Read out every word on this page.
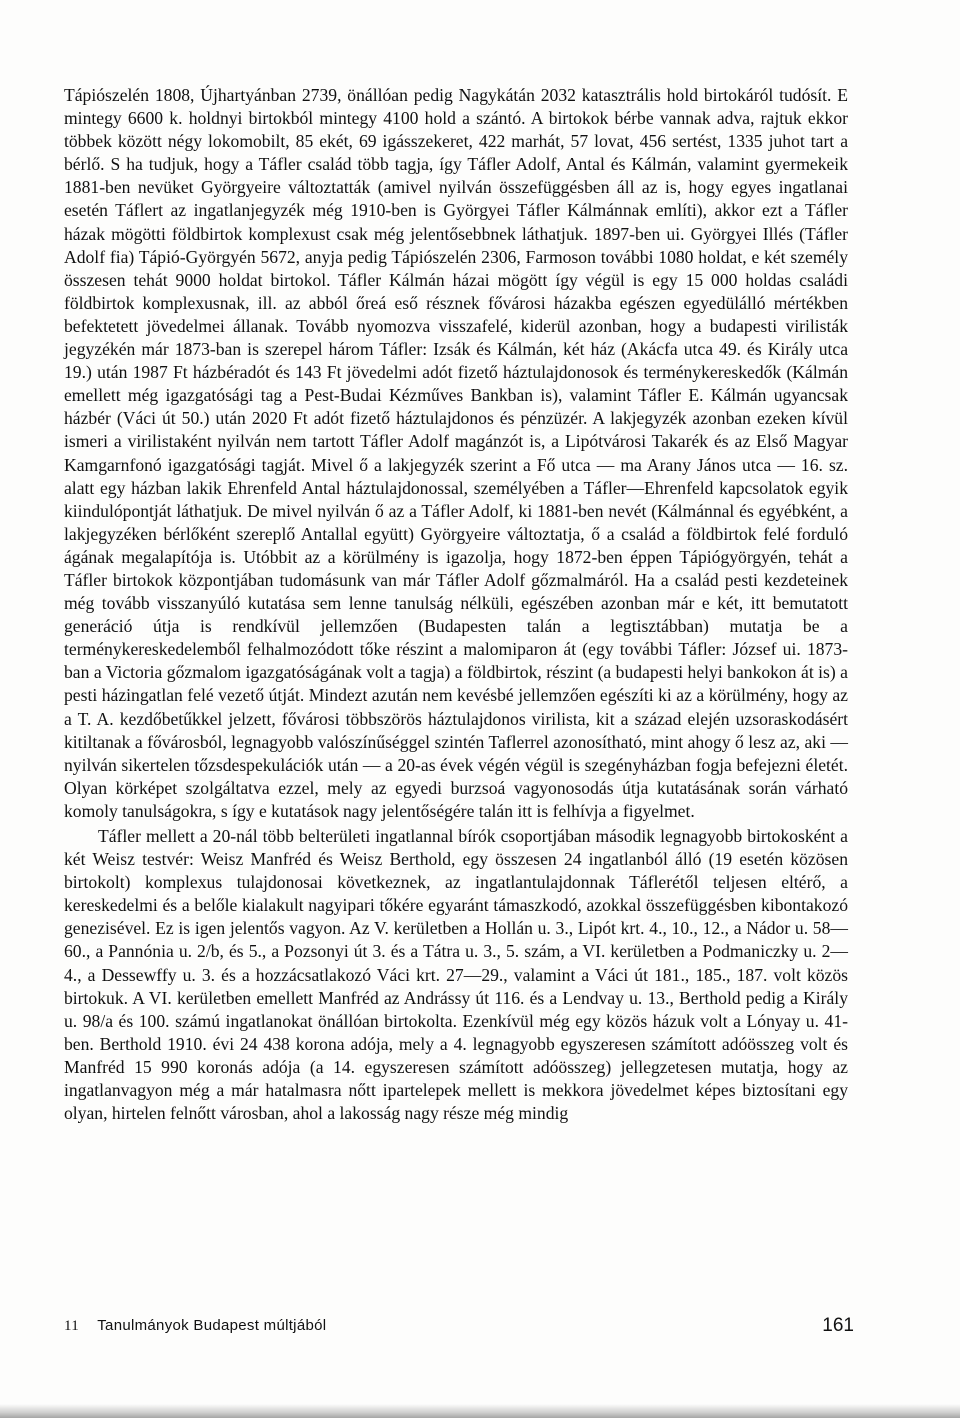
Tápiószelén 1808, Újhartyánban 2739, önállóan pedig Nagykátán 2032 katasztrális hold birtokáról tudósít. E mintegy 6600 k. holdnyi birtokból mintegy 4100 hold a szántó. A birtokok bérbe vannak adva, rajtuk ekkor többek között négy lokomobilt, 85 ekét, 69 igásszekeret, 422 marhát, 57 lovat, 456 sertést, 1335 juhot tart a bérlő. S ha tudjuk, hogy a Táfler család több tagja, így Táfler Adolf, Antal és Kálmán, valamint gyermekeik 1881-ben nevüket Györgyeire változtatták (amivel nyilván összefüggésben áll az is, hogy egyes ingatlanai esetén Táflert az ingatlanjegyzék még 1910-ben is Györgyei Táfler Kálmánnak említi), akkor ezt a Táfler házak mögötti földbirtok komplexust csak még jelentősebbnek láthatjuk. 1897-ben ui. Györgyei Illés (Táfler Adolf fia) Tápió-Györgyén 5672, anyja pedig Tápiószelén 2306, Farmoson további 1080 holdat, e két személy összesen tehát 9000 holdat birtokol. Táfler Kálmán házai mögött így végül is egy 15 000 holdas családi földbirtok komplexusnak, ill. az abból őreá eső résznek fővárosi házakba egészen egyedülálló mértékben befektetett jövedelmei állanak. Tovább nyomozva visszafelé, kiderül azonban, hogy a budapesti virilisták jegyzékén már 1873-ban is szerepel három Táfler: Izsák és Kálmán, két ház (Akácfa utca 49. és Király utca 19.) után 1987 Ft házbéradót és 143 Ft jövedelmi adót fizető háztulajdonosok és terménykereskedők (Kálmán emellett még igazgatósági tag a Pest-Budai Kézműves Bankban is), valamint Táfler E. Kálmán ugyancsak házbér (Váci út 50.) után 2020 Ft adót fizető háztulajdonos és pénzüzér. A lakjegyzék azonban ezeken kívül ismeri a virilistaként nyilván nem tartott Táfler Adolf magánzót is, a Lipótvárosi Takarék és az Első Magyar Kamgarnfonó igazgatósági tagját. Mivel ő a lakjegyzék szerint a Fő utca — ma Arany János utca — 16. sz. alatt egy házban lakik Ehrenfeld Antal háztulajdonossal, személyében a Táfler—Ehrenfeld kapcsolatok egyik kiindulópontját láthatjuk. De mivel nyilván ő az a Táfler Adolf, ki 1881-ben nevét (Kálmánnal és egyébként, a lakjegyzéken bérlőként szereplő Antallal együtt) Györgyeire változtatja, ő a család a földbirtok felé forduló ágának megalapítója is. Utóbbit az a körülmény is igazolja, hogy 1872-ben éppen Tápiógyörgyén, tehát a Táfler birtokok központjában tudomásunk van már Táfler Adolf gőzmalmáról. Ha a család pesti kezdeteinek még tovább visszanyúló kutatása sem lenne tanulság nélküli, egészében azonban már e két, itt bemutatott generáció útja is rendkívül jellemzően (Budapesten talán a legtisztábban) mutatja be a terménykereskedelemből felhalmozódott tőke részint a malomiparon át (egy további Táfler: József ui. 1873-ban a Victoria gőzmalom igazgatóságának volt a tagja) a földbirtok, részint (a budapesti helyi bankokon át is) a pesti házingatlan felé vezető útját. Mindezt azután nem kevésbé jellemzően egészíti ki az a körülmény, hogy az a T. A. kezdőbetűkkel jelzett, fővárosi többszörös háztulajdonos virilista, kit a század elején uzsoraskodásért kitiltanak a fővárosból, legnagyobb valószínűséggel szintén Taflerrel azonosítható, mint ahogy ő lesz az, aki — nyilván sikertelen tőzsdespekulációk után — a 20-as évek végén végül is szegényházban fogja befejezni életét. Olyan körképet szolgáltatva ezzel, mely az egyedi burzsoá vagyonosodás útja kutatásának során várható komoly tanulságokra, s így e kutatások nagy jelentőségére talán itt is felhívja a figyelmet.

Táfler mellett a 20-nál több belterületi ingatlannal bírók csoportjában második legnagyobb birtokosként a két Weisz testvér: Weisz Manfréd és Weisz Berthold, egy összesen 24 ingatlanból álló (19 esetén közösen birtokolt) komplexus tulajdonosai következnek, az ingatlantulajdonnak Táflerétől teljesen eltérő, a kereskedelmi és a belőle kialakult nagyipari tőkére egyaránt támaszkodó, azokkal összefüggésben kibontakozó genezisével. Ez is igen jelentős vagyon. Az V. kerületben a Hollán u. 3., Lipót krt. 4., 10., 12., a Nádor u. 58—60., a Pannónia u. 2/b, és 5., a Pozsonyi út 3. és a Tátra u. 3., 5. szám, a VI. kerületben a Podmaniczky u. 2—4., a Dessewffy u. 3. és a hozzácsatlakozó Váci krt. 27—29., valamint a Váci út 181., 185., 187. volt közös birtokuk. A VI. kerületben emellett Manfréd az Andrássy út 116. és a Lendvay u. 13., Berthold pedig a Király u. 98/a és 100. számú ingatlanokat önállóan birtokolta. Ezenkívül még egy közös házuk volt a Lónyay u. 41-ben. Berthold 1910. évi 24 438 korona adója, mely a 4. legnagyobb egyszeresen számított adóösszeg volt és Manfréd 15 990 koronás adója (a 14. egyszeresen számított adóösszeg) jellegzetesen mutatja, hogy az ingatlanvagyon még a már hatalmasra nőtt ipartelepek mellett is mekkora jövedelmet képes biztosítani egy olyan, hirtelen felnőtt városban, ahol a lakosság nagy része még mindig

11 Tanulmányok Budapest múltjából	161
